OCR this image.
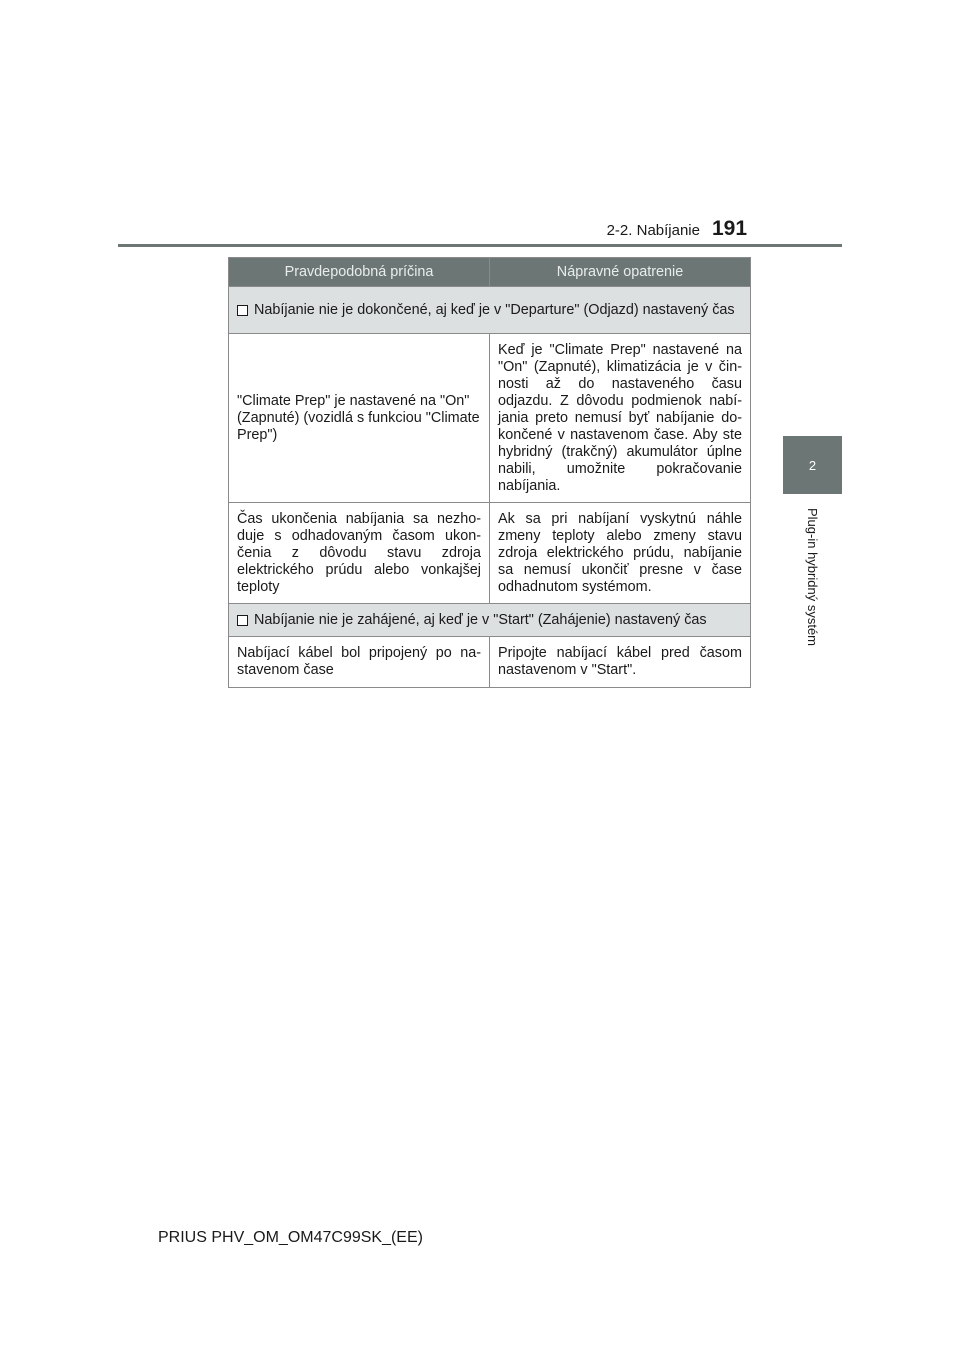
2-2. Nabíjanie 191
2
Plug-in hybridný systém
Pravdepodobná príčina	Nápravné opatrenie

Nabíjanie nie je dokončené, aj keď je v "Departure" (Odjazd) nastavený čas	

"Climate Prep" je nastavené na "On" (Zapnuté) (vozidlá s funkciou "Climate Prep")	Keď je "Climate Prep" nastavené na "On" (Zapnuté), klimatizácia je v čin-nosti až do nastaveného času odjazdu. Z dôvodu podmienok nabí-jania preto nemusí byť nabíjanie do-končené v nastavenom čase. Aby ste hybridný (trakčný) akumulátor úplne nabili, umožnite pokračovanie nabíjania.
Čas ukončenia nabíjania sa nezho-duje s odhadovaným časom ukon-čenia z dôvodu stavu zdroja elektrického prúdu alebo vonkajšej teploty	Ak sa pri nabíjaní vyskytnú náhle zmeny teploty alebo zmeny stavu zdroja elektrického prúdu, nabíjanie sa nemusí ukončiť presne v čase odhadnutom systémom.

Nabíjanie nie je zahájené, aj keď je v "Start" (Zahájenie) nastavený čas	

Nabíjací kábel bol pripojený po na-stavenom čase	Pripojte nabíjací kábel pred časom nastavenom v "Start".
PRIUS PHV_OM_OM47C99SK_(EE)
